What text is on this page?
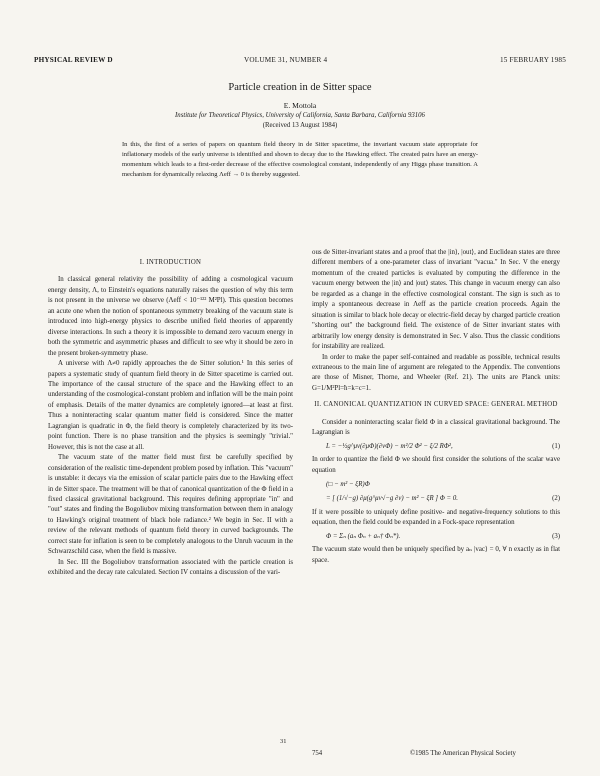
PHYSICAL REVIEW D	VOLUME 31, NUMBER 4	15 FEBRUARY 1985
Particle creation in de Sitter space
E. Mottola
Institute for Theoretical Physics, University of California, Santa Barbara, California 93106
(Received 13 August 1984)
In this, the first of a series of papers on quantum field theory in de Sitter spacetime, the invariant vacuum state appropriate for inflationary models of the early universe is identified and shown to decay due to the Hawking effect. The created pairs have an energy-momentum which leads to a first-order decrease of the effective cosmological constant, independently of any Higgs phase transition. A mechanism for dynamically relaxing Λeff → 0 is thereby suggested.
I. INTRODUCTION

In classical general relativity the possibility of adding a cosmological vacuum energy density, Λ, to Einstein's equations naturally raises the question of why this term is not present in the universe we observe (Λeff < 10⁻¹²² M²Pl). This question becomes an acute one when the notion of spontaneous symmetry breaking of the vacuum state is introduced into high-energy physics to describe unified field theories of apparently diverse interactions. In such a theory it is impossible to demand zero vacuum energy in both the symmetric and asymmetric phases and difficult to see why it should be zero in the present broken-symmetry phase.

A universe with Λ≠0 rapidly approaches the de Sitter solution.¹ In this series of papers a systematic study of quantum field theory in de Sitter spacetime is carried out. The importance of the causal structure of the space and the Hawking effect to an understanding of the cosmological-constant problem and inflation will be the main point of emphasis. Details of the matter dynamics are completely ignored—at least at first. Thus a noninteracting scalar quantum matter field is considered. Since the matter Lagrangian is quadratic in Φ, the field theory is completely characterized by its two-point function. There is no phase transition and the physics is seemingly "trivial." However, this is not the case at all.

The vacuum state of the matter field must first be carefully specified by consideration of the realistic time-dependent problem posed by inflation. This "vacuum" is unstable: it decays via the emission of scalar particle pairs due to the Hawking effect in de Sitter space. The treatment will be that of canonical quantization of the Φ field in a fixed classical gravitational background. This requires defining appropriate "in" and "out" states and finding the Bogoliubov mixing transformation between them in analogy to Hawking's original treatment of black hole radiance.² We begin in Sec. II with a review of the relevant methods of quantum field theory in curved backgrounds. The correct state for inflation is seen to be completely analogous to the Unruh vacuum in the Schwarzschild case, when the field is massive.

In Sec. III the Bogoliubov transformation associated with the particle creation is exhibited and the decay rate calculated. Section IV contains a discussion of the vari-

ous de Sitter-invariant states and a proof that the |in⟩, |out⟩, and Euclidean states are three different members of a one-parameter class of invariant "vacua." In Sec. V the energy momentum of the created particles is evaluated by computing the difference in the vacuum energy between the |in⟩ and |out⟩ states. This change in vacuum energy can also be regarded as a change in the effective cosmological constant. The sign is such as to imply a spontaneous decrease in Λeff as the particle creation proceeds. Again the situation is similar to black hole decay or electric-field decay by charged particle creation "shorting out" the background field. The existence of de Sitter invariant states with arbitrarily low energy density is demonstrated in Sec. V also. Thus the classic conditions for instability are realized.

In order to make the paper self-contained and readable as possible, technical results extraneous to the main line of argument are relegated to the Appendix. The conventions are those of Misner, Thorne, and Wheeler (Ref. 21). The units are Planck units: G=1/M²Pl=ħ=k=c=1.

II. CANONICAL QUANTIZATION IN CURVED SPACE: GENERAL METHOD

Consider a noninteracting scalar field Φ in a classical gravitational background. The Lagrangian is

L = −½g^μν(∂μΦ)(∂νΦ) − m²/2 Φ² − ξ/2 RΦ²,	(1)

In order to quantize the field Φ we should first consider the solutions of the scalar wave equation

(□ − m² − ξR)Φ
= [ (1/√−g) ∂μ(g^μν√−g ∂ν) − m² − ξR ] Φ = 0.	(2)

If it were possible to uniquely define positive- and negative-frequency solutions to this equation, then the field could be expanded in a Fock-space representation

Φ = Σₙ (aₙ Φₙ + aₙ† Φₙ*).	(3)

The vacuum state would then be uniquely specified by aₙ |vac⟩ = 0, ∀ n exactly as in flat space.

31
754	©1985 The American Physical Society
